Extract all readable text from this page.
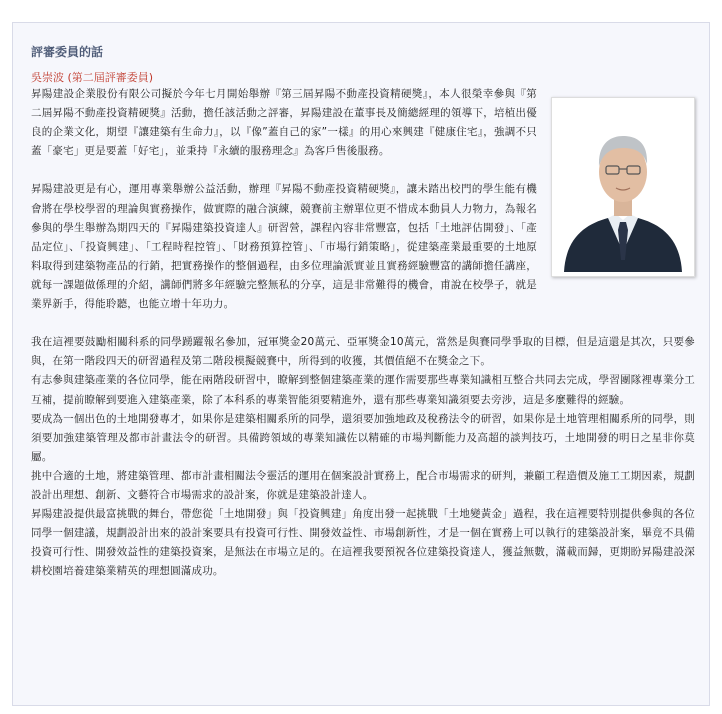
評審委員的話

吳崇波 (第二屆評審委員)

昇陽建設企業股份有限公司擬於今年七月開始舉辦『第三屆昇陽不動產投資精硬獎』，本人很榮幸參與『第二屆昇陽不動產投資精硬獎』活動，擔任該活動之評審，昇陽建設在董事長及簡總經理的領導下，培植出優良的企業文化，期望『讓建築有生命力』，以『像”蓋自己的家”一樣』的用心來興建『健康住宅』，強調不只蓋「豪宅」更是要蓋「好宅」，並秉持『永續的服務理念』為客戶售後服務。

昇陽建設更是有心，運用專業舉辦公益活動，辦理『昇陽不動產投資精硬獎』，讓未踏出校門的學生能有機會將在學校學習的理論與實務操作，做實際的融合演練，競賽前主辦單位更不惜成本動員人力物力，為報名參與的學生舉辦為期四天的『昇陽建築投資達人』研習營，課程內容非常豐富，包括「土地評估開發」、「產品定位」、「投資興建」、「工程時程控管」、「財務預算控管」、「市場行銷策略」，從建築產業最重要的土地原料取得到建築物產品的行銷，把實務操作的整個過程，由多位理論派實並且實務經驗豐富的講師擔任講座，就每一課題做係理的介紹，講師們將多年經驗完整無私的分享，這是非常難得的機會，甫說在校學子，就是業界新手，得能聆聽，也能立增十年功力。

我在這裡要鼓勵相關科系的同學踴躍報名參加，冠軍獎金20萬元、亞軍獎金10萬元，當然是與賽同學爭取的目標，但是這還是其次，只要參與，在第一階段四天的研習過程及第二階段模擬競賽中，所得到的收獲，其價值絕不在獎金之下。

有志參與建築產業的各位同學，能在兩階段研習中，瞭解到整個建築產業的運作需要那些專業知識相互整合共同去完成，學習團隊裡專業分工互補，提前瞭解到要進入建築產業，除了本科系的專業智能須要精進外，還有那些專業知識須要去旁涉，這是多麼難得的經驗。

要成為一個出色的土地開發專才，如果你是建築相關系所的同學，還須要加強地政及稅務法令的研習，如果你是土地管理相關系所的同學，則須要加強建築管理及都市計畫法令的研習。具備跨領域的專業知識佐以精確的市場判斷能力及高超的談判技巧，土地開發的明日之星非你莫屬。

挑中合適的土地，將建築管理、都市計畫相關法令靈活的運用在個案設計實務上，配合市場需求的研判，兼顧工程造價及施工工期因素，規劃設計出理想、創新、文藝符合市場需求的設計案，你就是建築設計達人。

昇陽建設提供最富挑戰的舞台，帶您從「土地開發」與「投資興建」角度出發一起挑戰「土地變黃金」過程，我在這裡要特別提供參與的各位同學一個建議，規劃設計出來的設計案要具有投資可行性、開發效益性、市場創新性，才是一個在實務上可以執行的建築設計案，畢竟不具備投資可行性、開發效益性的建築投資案，是無法在市場立足的。在這裡我要預祝各位建築投資達人，獲益無數，滿載而歸，更期盼昇陽建設深耕校園培養建築業精英的理想圓滿成功。
